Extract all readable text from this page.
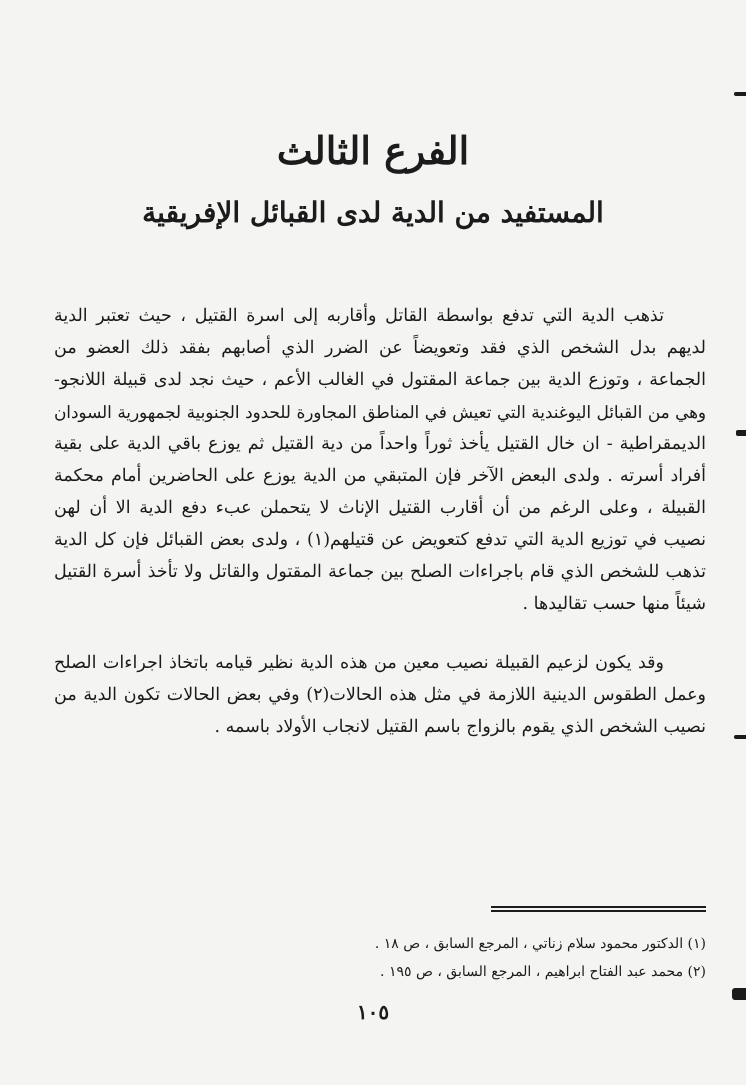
الفرع الثالث
المستفيد من الدية لدى القبائل الإفريقية
تذهب الدية التي تدفع بواسطة القاتل وأقاربه إلى اسرة القتيل ، حيث تعتبر الدية
لديهم بدل الشخص الذي فقد وتعويضاً عن الضرر الذي أصابهم بفقد ذلك العضو من
الجماعة ، وتوزع الدية بين جماعة المقتول في الغالب الأعم ، حيث نجد لدى قبيلة اللانجو-
وهي من القبائل اليوغندية التي تعيش في المناطق المجاورة للحدود الجنوبية لجمهورية السودان
الديمقراطية - ان خال القتيل يأخذ ثوراً واحداً من دية القتيل ثم يوزع باقي الدية على بقية
أفراد أسرته . ولدى البعض الآخر فإن المتبقي من الدية يوزع على الحاضرين أمام محكمة
القبيلة ، وعلى الرغم من أن أقارب القتيل الإناث لا يتحملن عبء دفع الدية الا أن لهن
نصيب في توزيع الدية التي تدفع كتعويض عن قتيلهم(١) ، ولدى بعض القبائل فإن كل الدية
تذهب للشخص الذي قام باجراءات الصلح بين جماعة المقتول والقاتل ولا تأخذ أسرة القتيل
شيئاً منها حسب تقاليدها .
وقد يكون لزعيم القبيلة نصيب معين من هذه الدية نظير قيامه باتخاذ اجراءات الصلح
وعمل الطقوس الدينية اللازمة في مثل هذه الحالات(٢) وفي بعض الحالات تكون الدية من
نصيب الشخص الذي يقوم بالزواج باسم القتيل لانجاب الأولاد باسمه .
(١) الدكتور محمود سلام زناتي ، المرجع السابق ، ص ١٨ .
(٢) محمد عبد الفتاح ابراهيم ، المرجع السابق ، ص ١٩٥ .
١٠٥
